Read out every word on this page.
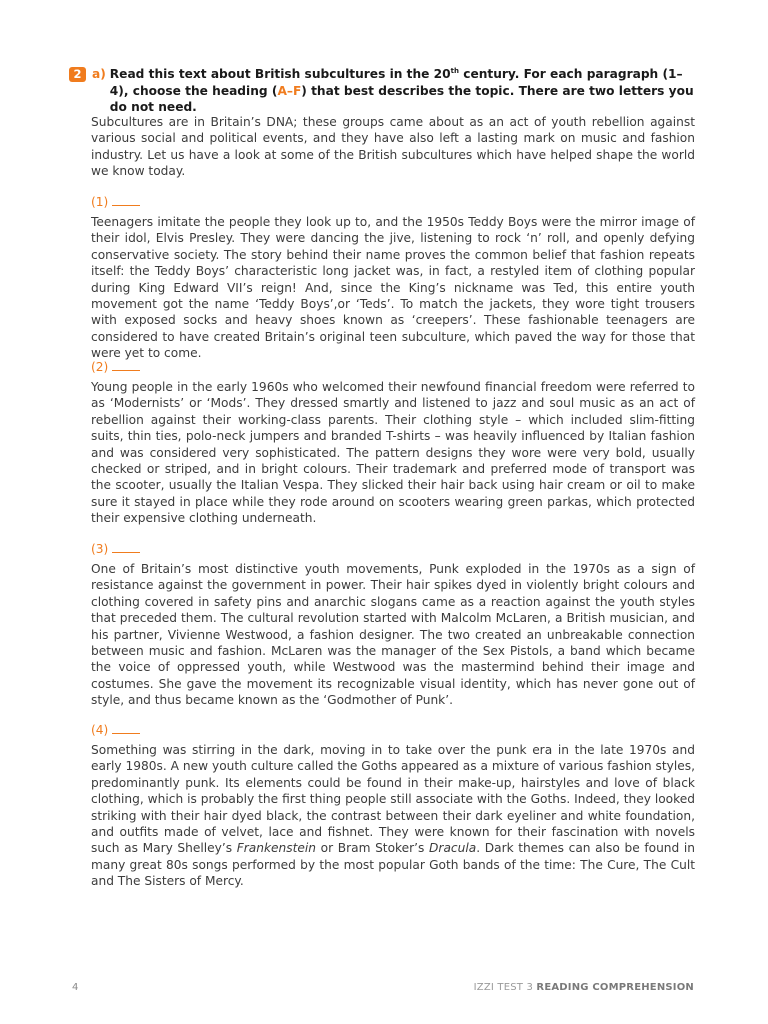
2 a) Read this text about British subcultures in the 20th century. For each paragraph (1–4), choose the heading (A–F) that best describes the topic. There are two letters you do not need.

Subcultures are in Britain’s DNA; these groups came about as an act of youth rebellion against various social and political events, and they have also left a lasting mark on music and fashion industry. Let us have a look at some of the British subcultures which have helped shape the world we know today.

(1)

Teenagers imitate the people they look up to, and the 1950s Teddy Boys were the mirror image of their idol, Elvis Presley. They were dancing the jive, listening to rock ‘n’ roll, and openly defying conservative society. The story behind their name proves the common belief that fashion repeats itself: the Teddy Boys’ characteristic long jacket was, in fact, a restyled item of clothing popular during King Edward VII’s reign! And, since the King’s nickname was Ted, this entire youth movement got the name ‘Teddy Boys’,or ‘Teds’. To match the jackets, they wore tight trousers with exposed socks and heavy shoes known as ‘creepers’. These fashionable teenagers are considered to have created Britain’s original teen subculture, which paved the way for those that were yet to come.

(2)

Young people in the early 1960s who welcomed their newfound financial freedom were referred to as ‘Modernists’ or ‘Mods’. They dressed smartly and listened to jazz and soul music as an act of rebellion against their working-class parents. Their clothing style – which included slim-fitting suits, thin ties, polo-neck jumpers and branded T-shirts – was heavily influenced by Italian fashion and was considered very sophisticated. The pattern designs they wore were very bold, usually checked or striped, and in bright colours. Their trademark and preferred mode of transport was the scooter, usually the Italian Vespa. They slicked their hair back using hair cream or oil to make sure it stayed in place while they rode around on scooters wearing green parkas, which protected their expensive clothing underneath.

(3)

One of Britain’s most distinctive youth movements, Punk exploded in the 1970s as a sign of resistance against the government in power. Their hair spikes dyed in violently bright colours and clothing covered in safety pins and anarchic slogans came as a reaction against the youth styles that preceded them. The cultural revolution started with Malcolm McLaren, a British musician, and his partner, Vivienne Westwood, a fashion designer. The two created an unbreakable connection between music and fashion. McLaren was the manager of the Sex Pistols, a band which became the voice of oppressed youth, while Westwood was the mastermind behind their image and costumes. She gave the movement its recognizable visual identity, which has never gone out of style, and thus became known as the ‘Godmother of Punk’.

(4)

Something was stirring in the dark, moving in to take over the punk era in the late 1970s and early 1980s. A new youth culture called the Goths appeared as a mixture of various fashion styles, predominantly punk. Its elements could be found in their make-up, hairstyles and love of black clothing, which is probably the first thing people still associate with the Goths. Indeed, they looked striking with their hair dyed black, the contrast between their dark eyeliner and white foundation, and outfits made of velvet, lace and fishnet. They were known for their fascination with novels such as Mary Shelley’s Frankenstein or Bram Stoker’s Dracula. Dark themes can also be found in many great 80s songs performed by the most popular Goth bands of the time: The Cure, The Cult and The Sisters of Mercy.

4	IZZI TEST 3 READING COMPREHENSION
